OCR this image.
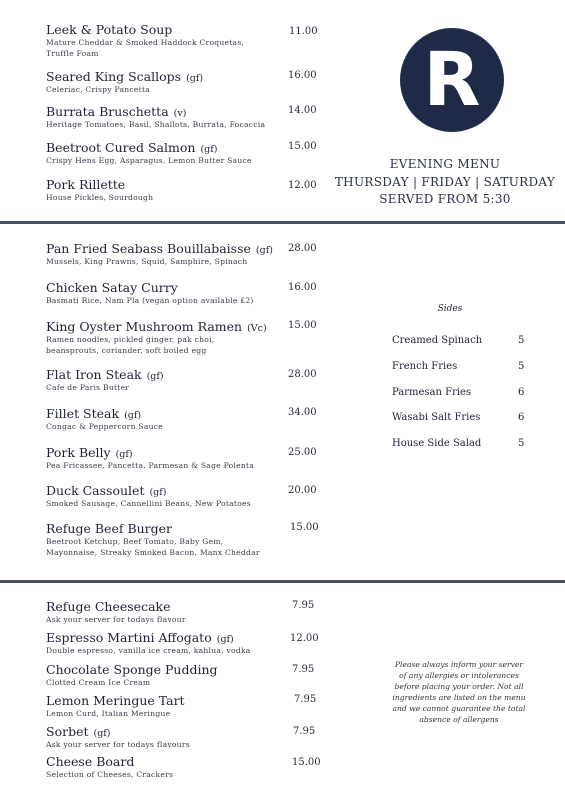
Leek & Potato Soup
Mature Cheddar & Smoked Haddock Croquetas,
Truffle Foam
11.00
Seared King Scallops (gf)
Celeriac, Crispy Pancetta
16.00
Burrata Bruschetta (v)
Heritage Tomatoes, Basil, Shallots, Burrata, Focaccia
14.00
Beetroot Cured Salmon (gf)
Crispy Hens Egg, Asparagus, Lemon Butter Sauce
15.00
Pork Rillette
House Pickles, Sourdough
12.00
R
EVENING MENU
THURSDAY | FRIDAY | SATURDAY
SERVED FROM 5:30
Pan Fried Seabass Bouillabaisse (gf)
Mussels, King Prawns, Squid, Samphire, Spinach
28.00
Chicken Satay Curry
Basmati Rice, Nam Pla (vegan option available £2)
16.00
King Oyster Mushroom Ramen (Vc)
Ramen noodles, pickled ginger, pak choi,
beansprouts, coriander, soft boiled egg
15.00
Flat Iron Steak (gf)
Cafe de Paris Butter
28.00
Fillet Steak (gf)
Congac & Peppercorn Sauce
34.00
Pork Belly (gf)
Pea Fricassee, Pancetta, Parmesan & Sage Polenta
25.00
Duck Cassoulet (gf)
Smoked Sausage, Cannellini Beans, New Potatoes
20.00
Refuge Beef Burger
Beetroot Ketchup, Beef Tomato, Baby Gem,
Mayonnaise, Streaky Smoked Bacon, Manx Cheddar
15.00
Sides
Creamed Spinach	5
French Fries	5
Parmesan Fries	6
Wasabi Salt Fries	6
House Side Salad	5
Refuge Cheesecake
Ask your server for todays flavour
7.95
Espresso Martini Affogato (gf)
Double espresso, vanilla ice cream, kahlua, vodka
12.00
Chocolate Sponge Pudding
Clotted Cream Ice Cream
7.95
Lemon Meringue Tart
Lemon Curd, Italian Meringue
7.95
Sorbet (gf)
Ask your server for todays flavours
7.95
Cheese Board
Selection of Cheeses, Crackers
15.00
Please always inform your server
of any allergies or intolerances
before placing your order. Not all
ingredients are listed on the menu
and we cannot guarantee the total
absence of allergens
